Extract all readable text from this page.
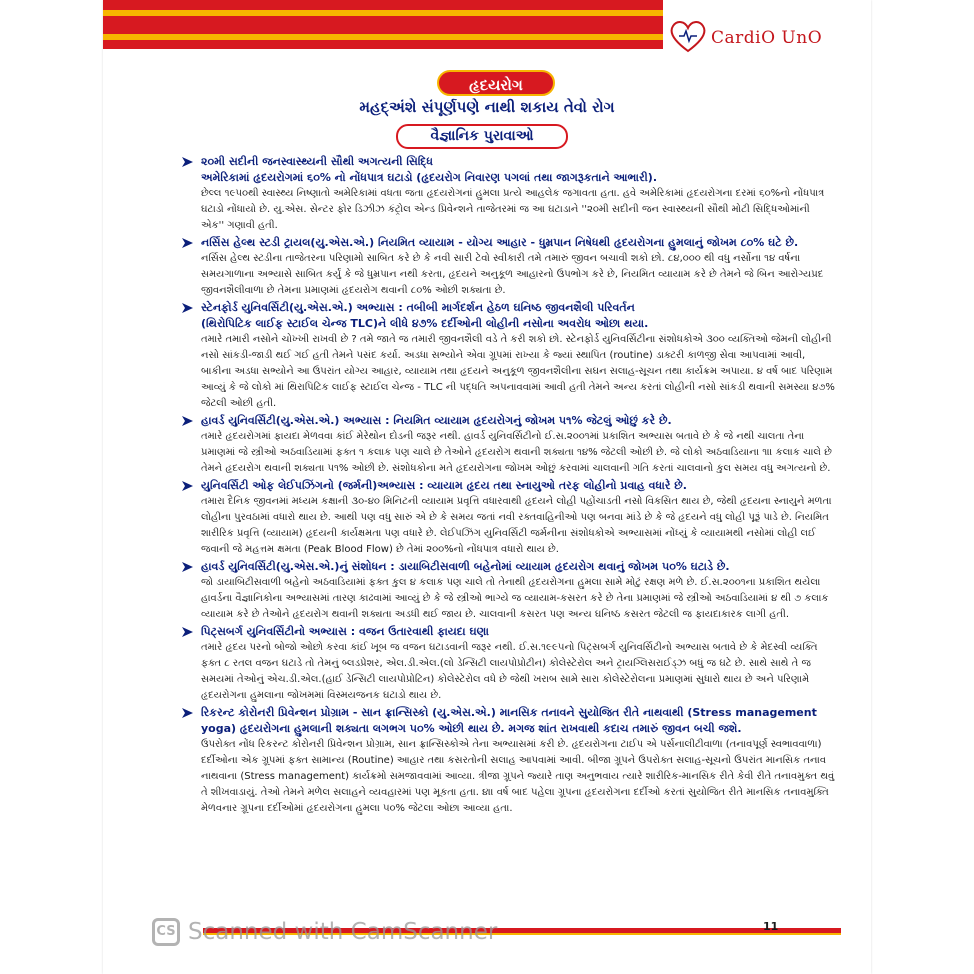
CardiO UnO
હૃદયરોગ
મહદ્અંશે સંપૂર્ણપણે નાથી શકાય તેવો રોગ
વૈજ્ઞાનિક પુરાવાઓ

૨૦મી સદીની જનસ્વાસ્થ્યની સૌથી અગત્યની સિદ્ધિ

અમેરિકામાં હૃદયરોગમાં ૬૦% નો નોંધપાત્ર ઘટાડો (હૃદયરોગ નિવારણ પગલાં તથા જાગરૂકતાને આભારી).

છેલ્લ ૧૯૫૦થી સ્વાસ્થ્ય નિષ્ણાતો અમેરિકામાં વધતા જતા હૃદયરોગનાં હુમલા પ્રત્યે આહલેક જગાવતા હતા. હવે અમેરિકામાં હૃદયરોગના દરમાં ૬૦%નો નોંધપાત્ર ઘટાડો નોંધાયો છે. યુ.એસ. સેન્ટર ફોર ડિઝીઝ કંટ્રોલ એન્ડ પ્રિવેન્શને તાજેતરમાં જ આ ઘટાડાને ''૨૦મી સદીની જન સ્વાસ્થ્યની સૌથી મોટી સિદ્ધિઓમાંની એક'' ગણાવી હતી.

નર્સિસ હેલ્થ સ્ટડી ટ્રાયલ(યુ.એસ.એ.) નિયમિત વ્યાયામ - યોગ્ય આહાર - ધુમ્રપાન નિષેધથી હૃદયરોગના હુમલાનું જોખમ ૮૦% ઘટે છે.

નર્સિસ હેલ્થ સ્ટડીના તાજેતરના પરિણામો સાબિત કરે છે કે નવી સારી ટેવો સ્વીકારી તમે તમારું જીવન બચાવી શકો છો. ૮૪,૦૦૦ થી વધુ નર્સોના ૧૪ વર્ષના સમયગાળાના અભ્યાસે સાબિત કર્યું કે જે ધુમ્રપાન નથી કરતા, હૃદયને અનુકૂળ આહારનો ઉપભોગ કરે છે, નિયમિત વ્યાયામ કરે છે તેમને જે બિન આરોગ્યપ્રદ જીવનશૈલીવાળા છે તેમના પ્રમાણમાં હૃદયરોગ થવાની ૮૦% ઓછી શક્યતા છે.

સ્ટેનફોર્ડ યુનિવર્સિટી(યુ.એસ.એ.) અભ્યાસ : તબીબી માર્ગદર્શન હેઠળ ઘનિષ્ઠ જીવનશૈલી પરિવર્તન

(થિરોપિટિક લાઈફ સ્ટાઈલ ચેન્જ TLC)ને લીધે ૪૭% દર્દીઓની લોહીની નસોના અવરોધ ઓછા થયા.

તમારે તમારી નસોને ચોખ્ખી રાખવી છે ? તમે જાતે જ તમારી જીવનશૈલી વડે તે કરી શકો છો. સ્ટેનફોર્ડ યુનિવર્સિટીના સંશોધકોએ ૩૦૦ વ્યક્તિઓ જેમની લોહીની નસો સાંકડી-જાડી થઈ ગઈ હતી તેમને પસંદ કર્યા. અડધા સભ્યોને એવા ગ્રૂપમાં રાખ્યા કે જ્યાં સ્થાપિત (routine) ડાક્ટરી કાળજી સેવા આપવામાં આવી, બાકીના અડધા સભ્યોને આ ઉપરાંત યોગ્ય આહાર, વ્યાયામ તથા હૃદયને અનુકૂળ જીવનશૈલીના સઘન સલાહ-સૂચન તથા કાર્યક્રમ અપાયા. ૪ વર્ષ બાદ પરિણામ આવ્યું કે જે લોકો માં થિરાપિટિક લાઈફ સ્ટાઈલ ચેન્જ - TLC ની પદ્ધતિ અપનાવવામાં આવી હતી તેમને અન્ય કરતાં લોહીની નસો સાંકડી થવાની સમસ્યા ૪૭% જેટલી ઓછી હતી.

હાવર્ડ યુનિવર્સિટી(યુ.એસ.એ.) અભ્યાસ : નિયમિત વ્યાયામ હૃદયરોગનું જોખમ ૫૧% જેટલું ઓછું કરે છે.

તમારે હૃદયરોગમાં ફાયદા મેળવવા કાંઈ મેરેથોન દોડની જરૂર નથી. હાવર્ડ યુનિવર્સિટીનો ઈ.સ.૨૦૦૧માં પ્રકાશિત અભ્યાસ બતાવે છે કે જે નથી ચાલતા તેના પ્રમાણમાં જે સ્ત્રીઓ અઠવાડિયામાં ફક્ત ૧ કલાક પણ ચાલે છે તેઓને હૃદયરોગ થવાની શક્યતા ૧૪% જેટલી ઓછી છે. જે લોકો અઠવાડિયાના ૧।। કલાક ચાલે છે તેમને હૃદયરોગ થવાની શક્યતા ૫૧% ઓછી છે. સંશોધકોના મતે હૃદયરોગના જોખમ ઓછું કરવામાં ચાલવાની ગતિ કરતાં ચાલવાનો કુલ સમય વધુ અગત્યનો છે.

યુનિવર્સિટી ઓફ લેઈપઝિંગનો (જર્મની)અભ્યાસ : વ્યાયામ હૃદય તથા સ્નાયુઓ તરફ લોહીનો પ્રવાહ વધારે છે.

તમારા દૈનિક જીવનમાં મધ્યમ કક્ષાની ૩૦-૪૦ મિનિટની વ્યાયામ પ્રવૃત્તિ વધારવાથી હૃદયને લોહી પહોંચાડતી નસો વિકસિત થાય છે, જેથી હૃદયના સ્નાયુને મળતા લોહીના પુરવઠામાં વધારો થાય છે. આથી પણ વધુ સારું એ છે કે સમય જતાં નવી રક્તવાહિનીઓ પણ બનવા માંડે છે કે જે હૃદયને વધુ લોહી પૂરૂં પાડે છે. નિયમિત શારીરિક પ્રવૃત્તિ (વ્યાયામ) હૃદયની કાર્યક્ષમતા પણ વધારે છે. લેઈપઝિંગ યુનિવર્સિટી જર્મનીના સંશોધકોએ અભ્યાસમાં નોંધ્યું કે વ્યાયામથી નસોમાં લોહી લઈ જવાની જે મહત્તમ ક્ષમતા (Peak Blood Flow) છે તેમાં ૨૦૦%નો નોંધપાત્ર વધારો થાય છે.

હાવર્ડ યુનિવર્સિટી(યુ.એસ.એ.)નું સંશોધન : ડાયાબિટીસવાળી બહેનોમાં વ્યાયામ હૃદયરોગ થવાનું જોખમ ૫૦% ઘટાડે છે.

જો ડાયાબિટીસવાળી બહેનો અઠવાડિયામાં ફક્ત કુલ ૪ કલાક પણ ચાલે તો તેનાથી હૃદયરોગના હુમલા સામે મોટું રક્ષણ મળે છે. ઈ.સ.૨૦૦૧ના પ્રકાશિત થયેલા હાવર્ડના વૈજ્ઞાનિકોના અભ્યાસમાં તારણ કાઢવામાં આવ્યું છે કે જે સ્ત્રીઓ ભાગ્યે જ વ્યાયામ-કસરત કરે છે તેના પ્રમાણમાં જે સ્ત્રીઓ અઠવાડિયામાં ૪ થી ૭ કલાક વ્યાયામ કરે છે તેઓને હૃદયરોગ થવાની શક્યતા અડધી થઈ જાય છે. ચાલવાની કસરત પણ અન્ય ઘનિષ્ઠ કસરત જેટલી જ ફાયદાકારક લાગી હતી.

પિટ્સબર્ગ યુનિવર્સિટીનો અભ્યાસ : વજન ઉતારવાથી ફાયદા ઘણા

તમારે હૃદય પરનો બોજો ઓછો કરવા કાંઈ ખૂબ જ વજન ઘટાડવાની જરૂર નથી. ઈ.સ.૧૯૯૫નો પિટ્સબર્ગ યુનિવર્સિટીનો અભ્યાસ બતાવે છે કે મેદસ્વી વ્યક્તિ ફક્ત ૮ રતલ વજન ઘટાડે તો તેમનું બ્લડપ્રેશર, એલ.ડી.એલ.(લો ડેન્સિટી લાયપોપ્રોટીન) કોલેસ્ટેરોલ અને ટ્રાયગ્લિસરાઈડ્ઝ બધું જ ઘટે છે. સાથે સાથે તે જ સમયમાં તેઓનું એચ.ડી.એલ.(હાઈ ડેન્સિટી લાયપોપ્રોટિન) કોલેસ્ટેરોલ વધે છે જેથી ખરાબ સામે સારા કોલેસ્ટેરોલના પ્રમાણમાં સુધારો થાય છે અને પરિણામે હૃદયરોગના હુમલાના જોખમમાં વિસ્મયજનક ઘટાડો થાય છે.

રિકરન્ટ કોરોનરી પ્રિવેન્શન પ્રોગ્રામ - સાન ફ્રાન્સિસ્કો (યુ.એસ.એ.) માનસિક તનાવને સુયોજિત રીતે નાથવાથી (Stress management yoga) હૃદયરોગના હુમલાની શક્યતા લગભગ ૫૦% ઓછી થાય છે. મગજ શાંત રાખવાથી કદાચ તમારું જીવન બચી જશે.

ઉપરોક્ત નોંધ રિકરન્ટ કોરોનરી પ્રિવેન્શન પ્રોગ્રામ, સાન ફ્રાન્સિસ્કોએ તેના અભ્યાસમાં કરી છે. હૃદયરોગના ટાઈપ એ પર્સનાલીટીવાળા (તનાવપૂર્ણ સ્વભાવવાળા) દર્દીઓના એક ગ્રૂપમાં ફક્ત સામાન્ય (Routine) આહાર તથા કસરતોની સલાહ આપવામાં આવી. બીજા ગ્રૂપને ઉપરોક્ત સલાહ-સૂચનો ઉપરાંત માનસિક તનાવ નાથવાના (Stress management) કાર્યક્રમો સમજાવવામાં આવ્યા. ત્રીજા ગ્રૂપને જ્યારે તાણ અનુભવાય ત્યારે શારીરિક-માનસિક રીતે કેવી રીતે તનાવમુક્ત થવું તે શીખવાડાયું. તેઓ તેમને મળેલ સલાહને વ્યવહારમાં પણ મૂકતા હતા. ૪।। વર્ષ બાદ પહેલા ગ્રૂપના હૃદયરોગના દર્દીઓ કરતાં સુયોજિત રીતે માનસિક તનાવમુક્તિ મેળવનાર ગ્રૂપના દર્દીઓમાં હૃદયરોગના હુમલા ૫૦% જેટલા ઓછા આવ્યા હતા.

11
CS Scanned with CamScanner
